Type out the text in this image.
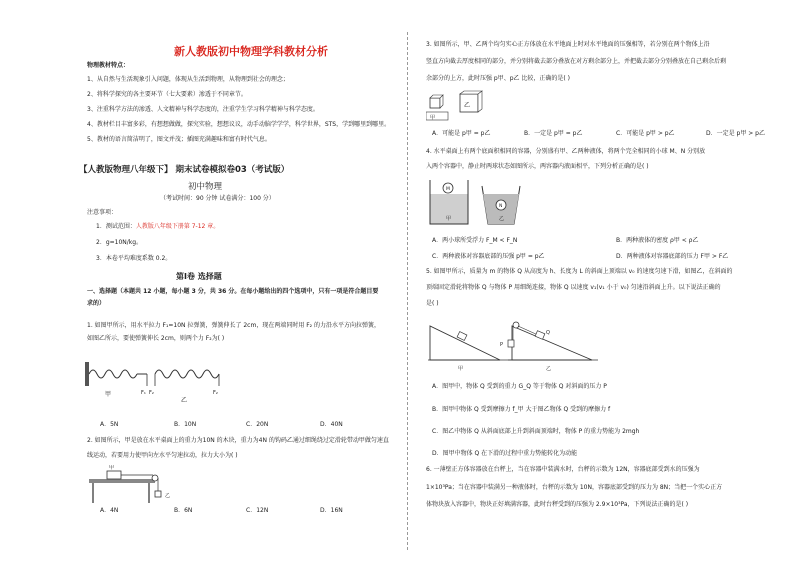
新人教版初中物理学科教材分析
物理教材特点：
1、从自然与生活现象引入问题，体现从生活到物理，从物理到社会的理念；
2、将科学探究的各主要环节（七大要素）渗透于不同章节。
3、注重科学方法的渗透、人文精神与科学态度的，注重学生学习科学精神与科学态度。
4、教材栏目丰富多彩，有想想做做，探究实验，想想议议，动手动脑学学学，科学世界，STS，学到哪里到哪里。
5、教材的语言简洁明了，图文并茂；插图充满趣味和富有时代气息。
【人教版物理八年级下】 期末试卷模拟卷03（考试版）
初中物理
（考试时间：90 分钟 试卷满分：100 分）
注意事项：
1．测试范围：人教版八年级下册第 7-12 章。
2．g=10N/kg。
3．本卷平均难度系数 0.2。
第Ⅰ卷 选择题
一、选择题（本题共 12 小题，每小题 3 分，共 36 分。在每小题给出的四个选项中，只有一项是符合题目要
求的）
1. 如图甲所示，用水平拉力 F₁=10N 拉弹簧，弹簧伸长了 2cm，现在两端同时用 F₂ 的力沿水平方向拉弹簧，
如图乙所示，要使弹簧伸长 2cm，则两个力 F₂为( )
甲
乙
F₁ F₂	F₂
A．5N	B．10N	C．20N	D．40N
2. 如图所示，甲是放在水平桌面上的重力为10N 的木块，重力为4N 的钩码乙通过细绳绕过定滑轮带动甲做匀速直
线运动，若要用力使甲向左水平匀速拉动，拉力大小为( )
甲
乙
A．4N	B．6N	C．12N	D．16N
3. 如图所示，甲、乙两个均匀实心正方体放在水平地面上时对水平地面的压强相等，若分别在两个物体上沿
竖直方向截去厚度相同的部分，并分别将截去部分叠放在对方剩余部分上，并把截去部分分别叠放在自己剩余后剩
余部分的上方，此时压强 p甲、p乙 比较，正确的是( )
甲
乙
A．可能是 p甲 = p乙	B．一定是 p甲 = p乙	C．可能是 p甲 > p乙	D．一定是 p甲 > p乙
4. 水平桌面上有两个底面积相同的容器，分别盛有甲、乙两种液体，将两个完全相同的小球 M、N 分别放
入两个容器中，静止时两球状态如图所示，两容器内液面相平，下列分析正确的是( )
M
N
甲	乙
A．两小球所受浮力 F_M < F_N	B．两种液体的密度 ρ甲 < ρ乙
C．两种液体对容器底部的压强 p甲 = p乙	D．两种液体对容器底部的压力 F甲 > F乙
5. 如图甲所示，质量为 m 的物体 Q 从高度为 h、长度为 L 的斜面上顶端以 v₀ 的速度匀速下滑，如图乙，在斜面的
顶端固定滑轮将物体 Q 与物体 P 用细绳连接，物体 Q 以速度 v₁(v₁ 小于 v₀) 匀速沿斜面上升。以下说法正确的
是( )
甲
P
Q
乙
A．图甲中，物体 Q 受到的重力 G_Q 等于物体 Q 对斜面的压力 P
B．图甲中物体 Q 受到摩擦力 f_甲 大于图乙物体 Q 受到的摩擦力 f
C．图乙中物体 Q 从斜面底部上升到斜面顶端时，物体 P 的重力势能为 2mgh
D．图甲中物体 Q 在下滑的过程中重力势能转化为动能
6. 一薄壁正方体容器放在台秤上，当在容器中装满水时，台秤的示数为 12N，容器底部受到水的压强为
1×10³Pa；当在容器中装满另一种液体时，台秤的示数为 10N，容器底部受到的压力为 8N；当把一个实心正方
体物块放入容器中，物块正好填满容器，此时台秤受到的压强为 2.9×10³Pa，下列说法正确的是( )
